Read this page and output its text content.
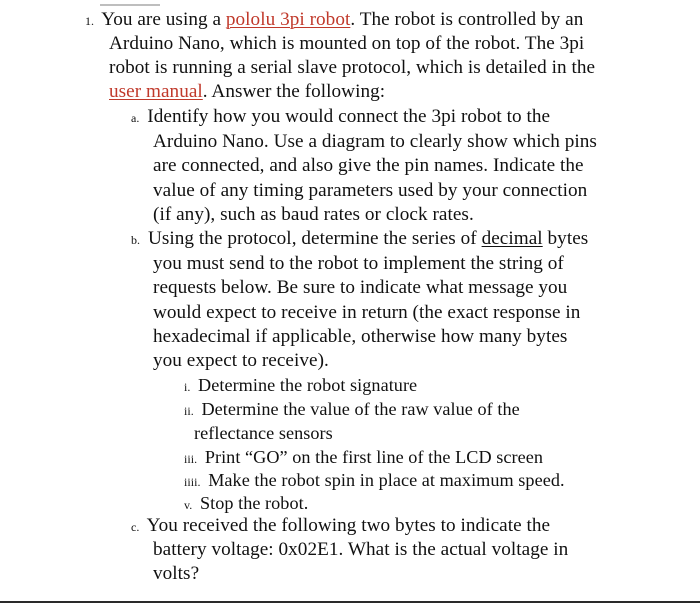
1. You are using a pololu 3pi robot. The robot is controlled by an
Arduino Nano, which is mounted on top of the robot. The 3pi
robot is running a serial slave protocol, which is detailed in the
user manual. Answer the following:
a. Identify how you would connect the 3pi robot to the
Arduino Nano. Use a diagram to clearly show which pins
are connected, and also give the pin names. Indicate the
value of any timing parameters used by your connection
(if any), such as baud rates or clock rates.
b. Using the protocol, determine the series of decimal bytes
you must send to the robot to implement the string of
requests below. Be sure to indicate what message you
would expect to receive in return (the exact response in
hexadecimal if applicable, otherwise how many bytes
you expect to receive).
i. Determine the robot signature
ii. Determine the value of the raw value of the
reflectance sensors
iii. Print “GO” on the first line of the LCD screen
iiii. Make the robot spin in place at maximum speed.
v. Stop the robot.
c. You received the following two bytes to indicate the
battery voltage: 0x02E1. What is the actual voltage in
volts?
